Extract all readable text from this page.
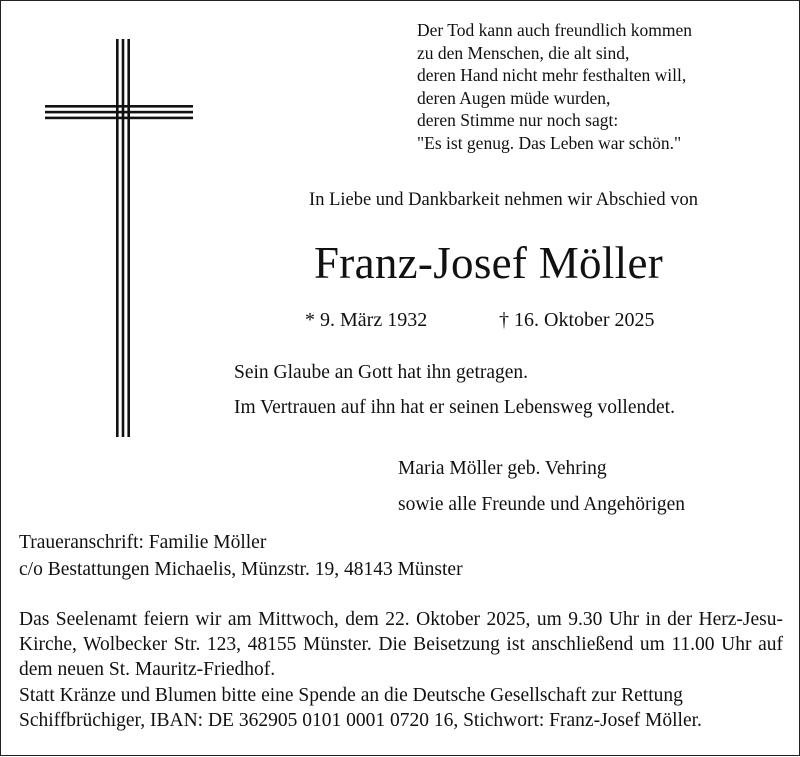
Der Tod kann auch freundlich kommen
zu den Menschen, die alt sind,
deren Hand nicht mehr festhalten will,
deren Augen müde wurden,
deren Stimme nur noch sagt:
"Es ist genug. Das Leben war schön."
In Liebe und Dankbarkeit nehmen wir Abschied von
Franz-Josef Möller
* 9. März 1932	† 16. Oktober 2025
Sein Glaube an Gott hat ihn getragen.
Im Vertrauen auf ihn hat er seinen Lebensweg vollendet.
Maria Möller geb. Vehring
sowie alle Freunde und Angehörigen
Traueranschrift: Familie Möller
c/o Bestattungen Michaelis, Münzstr. 19, 48143 Münster
Das Seelenamt feiern wir am Mittwoch, dem 22. Oktober 2025, um 9.30 Uhr in der Herz-Jesu-Kirche, Wolbecker Str. 123, 48155 Münster. Die Beisetzung ist anschließend um 11.00 Uhr auf dem neuen St. Mauritz-Friedhof.
Statt Kränze und Blumen bitte eine Spende an die Deutsche Gesellschaft zur Rettung
Schiffbrüchiger, IBAN: DE 362905 0101 0001 0720 16, Stichwort: Franz-Josef Möller.
